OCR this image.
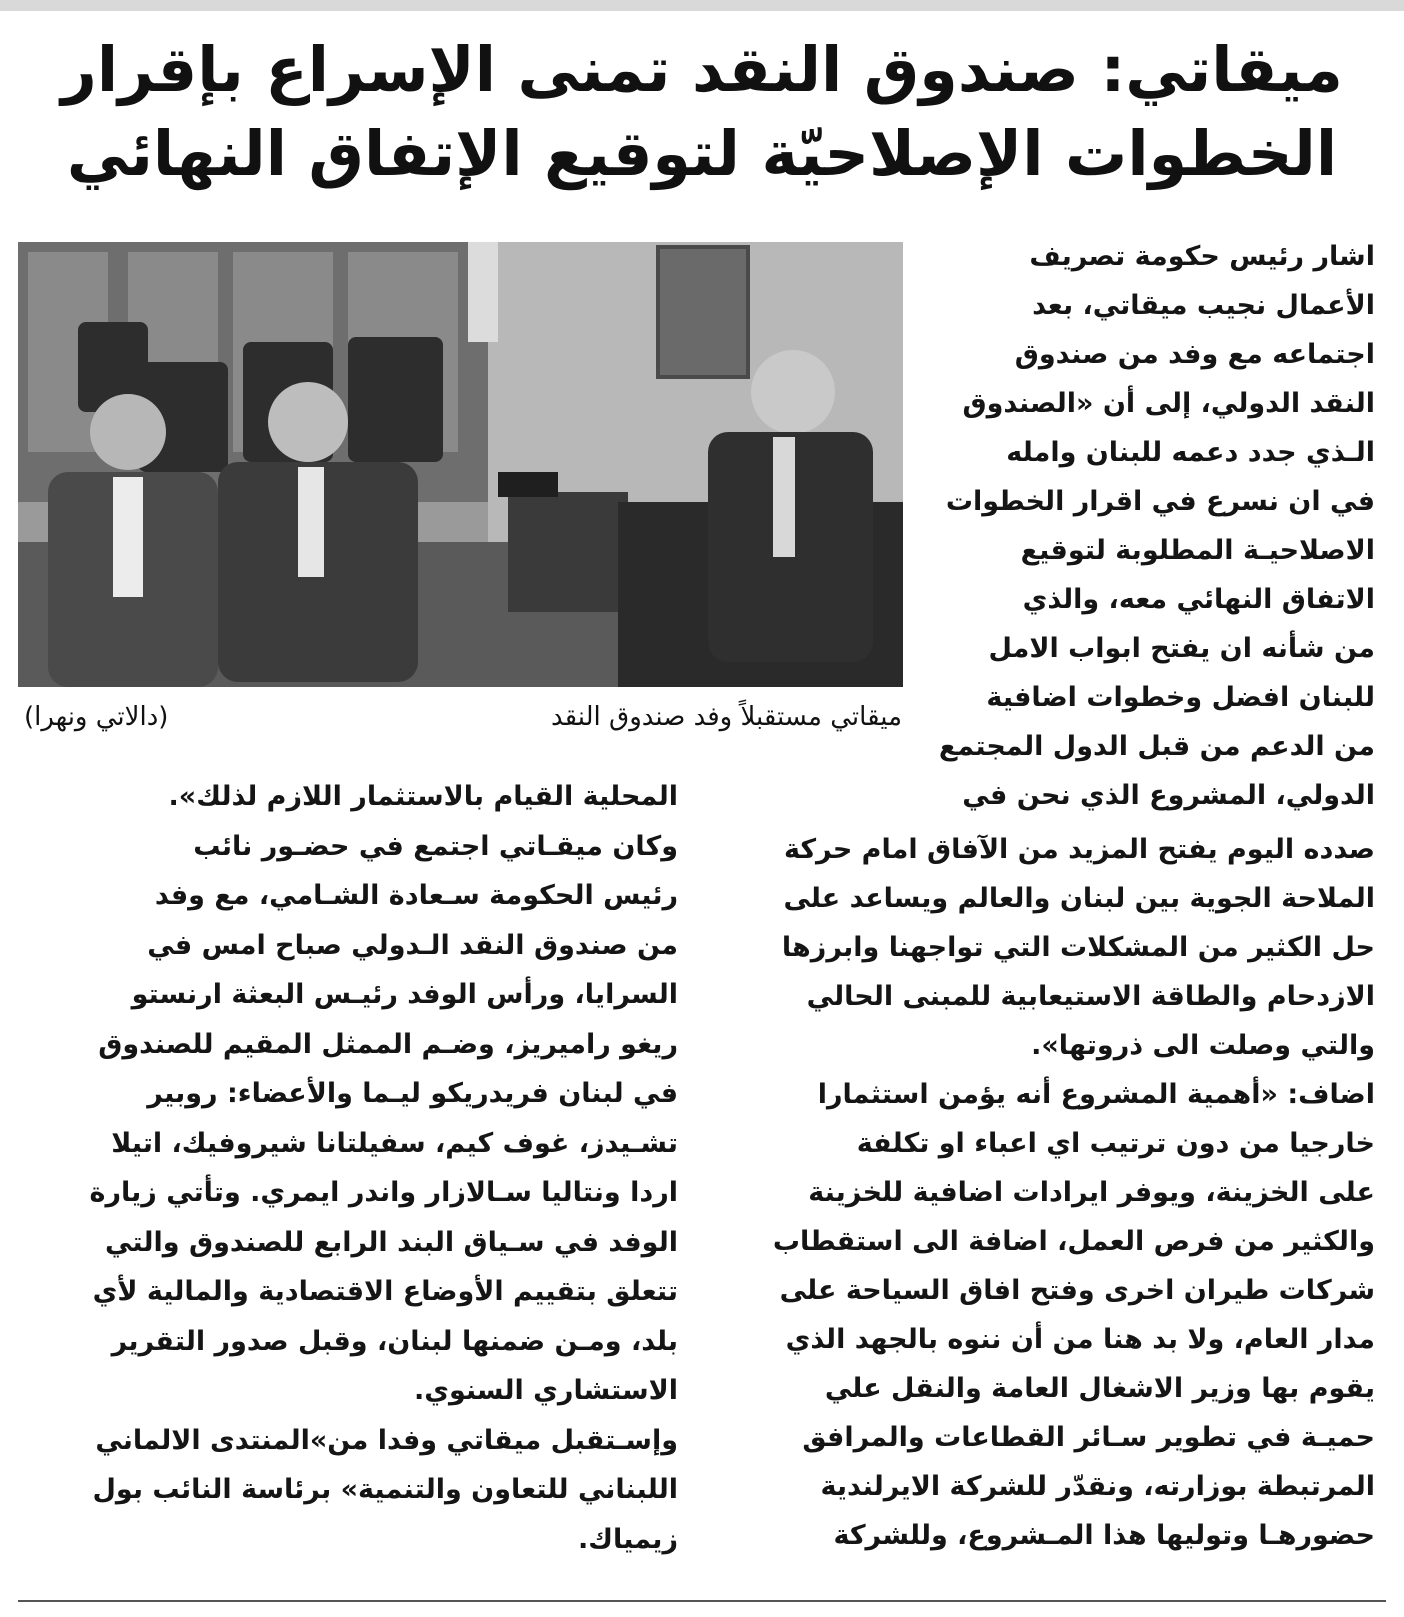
ميقاتي: صندوق النقد تمنى الإسراع بإقرار
الخطوات الإصلاحيّة لتوقيع الإتفاق النهائي
ميقاتي مستقبلاً وفد صندوق النقد
(دالاتي ونهرا)
اشار رئيس حكومة تصريف
الأعمال نجيب ميقاتي، بعد
اجتماعه مع وفد من صندوق
النقد الدولي، إلى أن «الصندوق
الـذي جدد دعمه للبنان وامله
في ان نسرع في اقرار الخطوات
الاصلاحيـة المطلوبة لتوقيع
الاتفاق النهائي معه، والذي
من شأنه ان يفتح ابواب الامل
للبنان افضل وخطوات اضافية
من الدعم من قبل الدول المجتمع
الدولي، المشروع الذي نحن في
صدده اليوم يفتح المزيد من الآفاق امام حركة
الملاحة الجوية بين لبنان والعالم ويساعد على
حل الكثير من المشكلات التي تواجهنا وابرزها
الازدحام والطاقة الاستيعابية للمبنى الحالي
والتي وصلت الى ذروتها».
اضاف: «أهمية المشروع أنه يؤمن استثمارا
خارجيا من دون ترتيب اي اعباء او تكلفة
على الخزينة، ويوفر ايرادات اضافية للخزينة
والكثير من فرص العمل، اضافة الى استقطاب
شركات طيران اخرى وفتح افاق السياحة على
مدار العام، ولا بد هنا من أن ننوه بالجهد الذي
يقوم بها وزير الاشغال العامة والنقل علي
حميـة في تطوير سـائر القطاعات والمرافق
المرتبطة بوزارته، ونقدّر للشركة الايرلندية
حضورهـا وتوليها هذا المـشروع، وللشركة
المحلية القيام بالاستثمار اللازم لذلك».
وكان ميقـاتي اجتمع في حضـور نائب
رئيس الحكومة سـعادة الشـامي، مع وفد
من صندوق النقد الـدولي صباح امس في
السرايا، ورأس الوفد رئيـس البعثة ارنستو
ريغو راميريز، وضـم الممثل المقيم للصندوق
في لبنان فريدريكو ليـما والأعضاء: روبير
تشـيدز، غوف كيم، سفيلتانا شيروفيك، اتيلا
اردا ونتاليا سـالازار واندر ايمري. وتأتي زيارة
الوفد في سـياق البند الرابع للصندوق والتي
تتعلق بتقييم الأوضاع الاقتصادية والمالية لأي
بلد، ومـن ضمنها لبنان، وقبل صدور التقرير
الاستشاري السنوي.
وإسـتقبل ميقاتي وفدا من»المنتدى الالماني
اللبناني للتعاون والتنمية» برئاسة النائب بول
زيمياك.
